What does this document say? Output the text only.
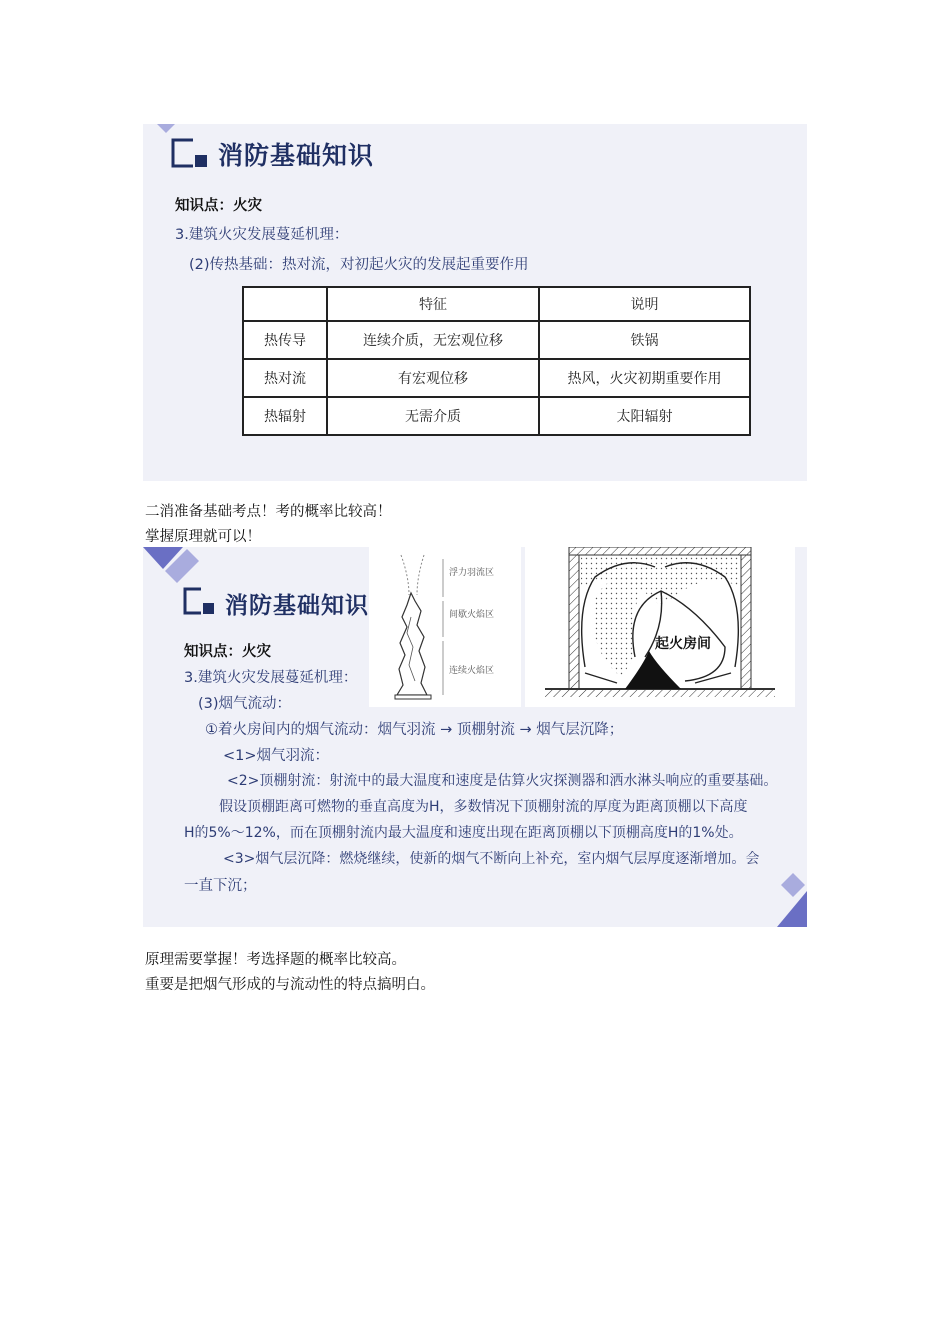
消防基础知识
知识点：火灾
3.建筑火灾发展蔓延机理：
(2)传热基础：热对流，对初起火灾的发展起重要作用
	特征	说明
热传导	连续介质，无宏观位移	铁锅
热对流	有宏观位移	热风，火灾初期重要作用
热辐射	无需介质	太阳辐射
二消准备基础考点！考的概率比较高！
掌握原理就可以！
消防基础知识
浮力羽流区
间歇火焰区
连续火焰区
起火房间
知识点：火灾
3.建筑火灾发展蔓延机理：
(3)烟气流动：
①着火房间内的烟气流动：烟气羽流 → 顶棚射流 → 烟气层沉降；
<1>烟气羽流：
<2>顶棚射流：射流中的最大温度和速度是估算火灾探测器和洒水淋头响应的重要基础。
假设顶棚距离可燃物的垂直高度为H，多数情况下顶棚射流的厚度为距离顶棚以下高度
H的5%～12%，而在顶棚射流内最大温度和速度出现在距离顶棚以下顶棚高度H的1%处。
<3>烟气层沉降：燃烧继续，使新的烟气不断向上补充，室内烟气层厚度逐渐增加。会
一直下沉；
原理需要掌握！考选择题的概率比较高。
重要是把烟气形成的与流动性的特点搞明白。
